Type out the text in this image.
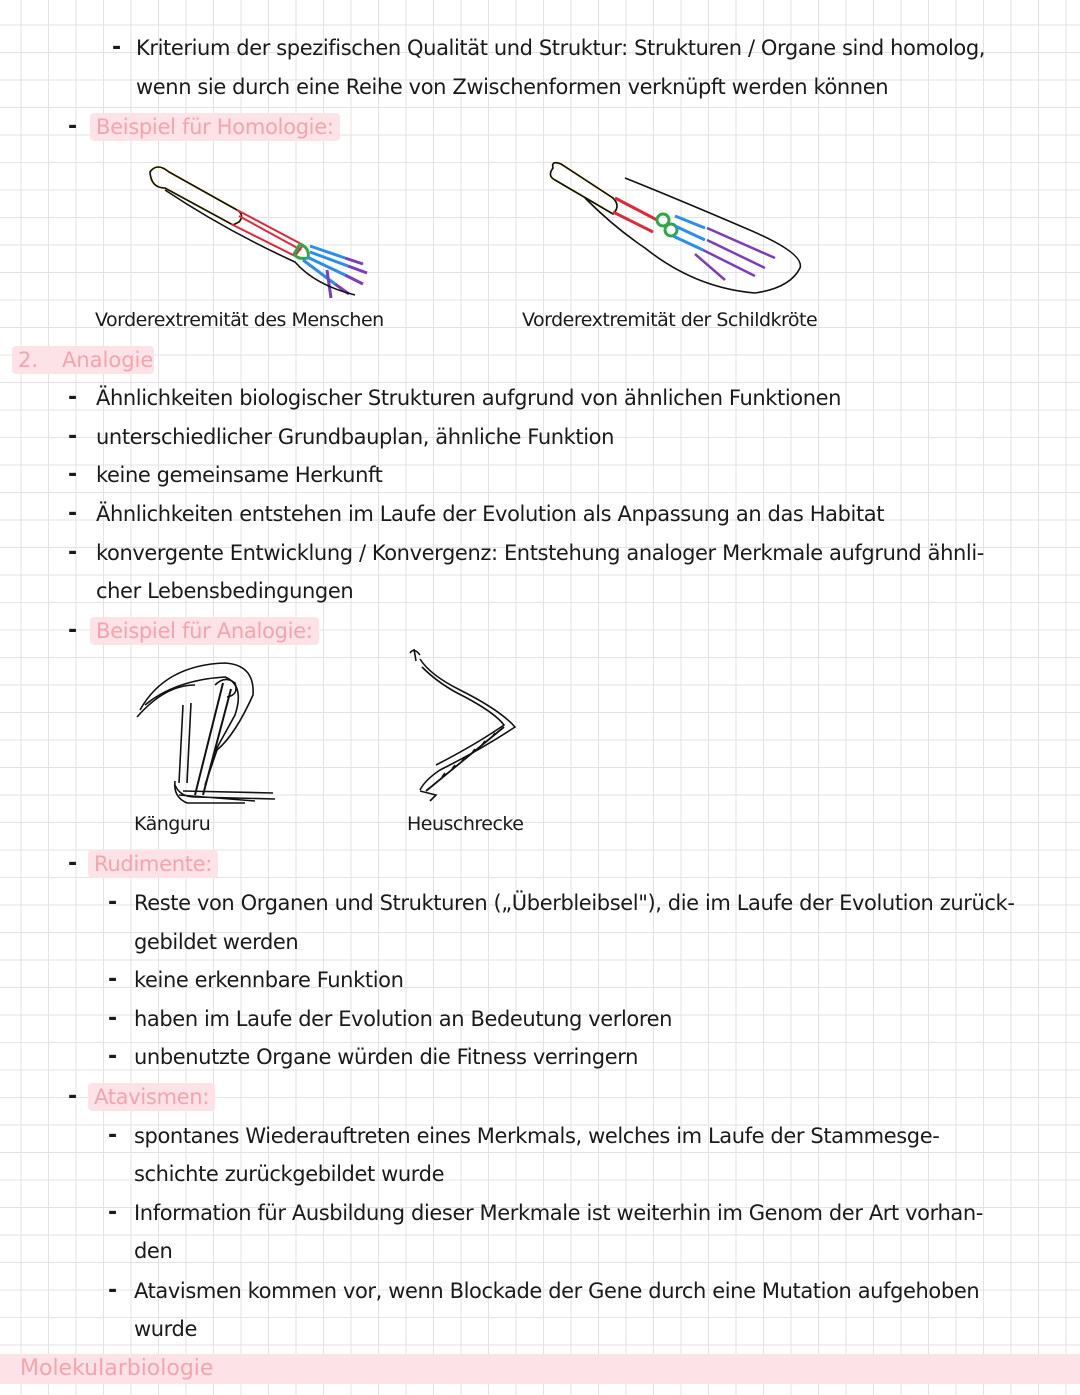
- Kriterium der spezifischen Qualität und Struktur: Strukturen / Organe sind homolog,
wenn sie durch eine Reihe von Zwischenformen verknüpft werden können
- Beispiel für Homologie:
Vorderextremität des Menschen	Vorderextremität der Schildkröte
2. Analogie
- Ähnlichkeiten biologischer Strukturen aufgrund von ähnlichen Funktionen
- unterschiedlicher Grundbauplan, ähnliche Funktion
- keine gemeinsame Herkunft
- Ähnlichkeiten entstehen im Laufe der Evolution als Anpassung an das Habitat
- konvergente Entwicklung / Konvergenz: Entstehung analoger Merkmale aufgrund ähnli-
cher Lebensbedingungen
- Beispiel für Analogie:
Känguru	Heuschrecke
- Rudimente:
- Reste von Organen und Strukturen („Überbleibsel"), die im Laufe der Evolution zurück-
gebildet werden
- keine erkennbare Funktion
- haben im Laufe der Evolution an Bedeutung verloren
- unbenutzte Organe würden die Fitness verringern
- Atavismen:
- spontanes Wiederauftreten eines Merkmals, welches im Laufe der Stammesge-
schichte zurückgebildet wurde
- Information für Ausbildung dieser Merkmale ist weiterhin im Genom der Art vorhan-
den
- Atavismen kommen vor, wenn Blockade der Gene durch eine Mutation aufgehoben
wurde
Molekularbiologie
